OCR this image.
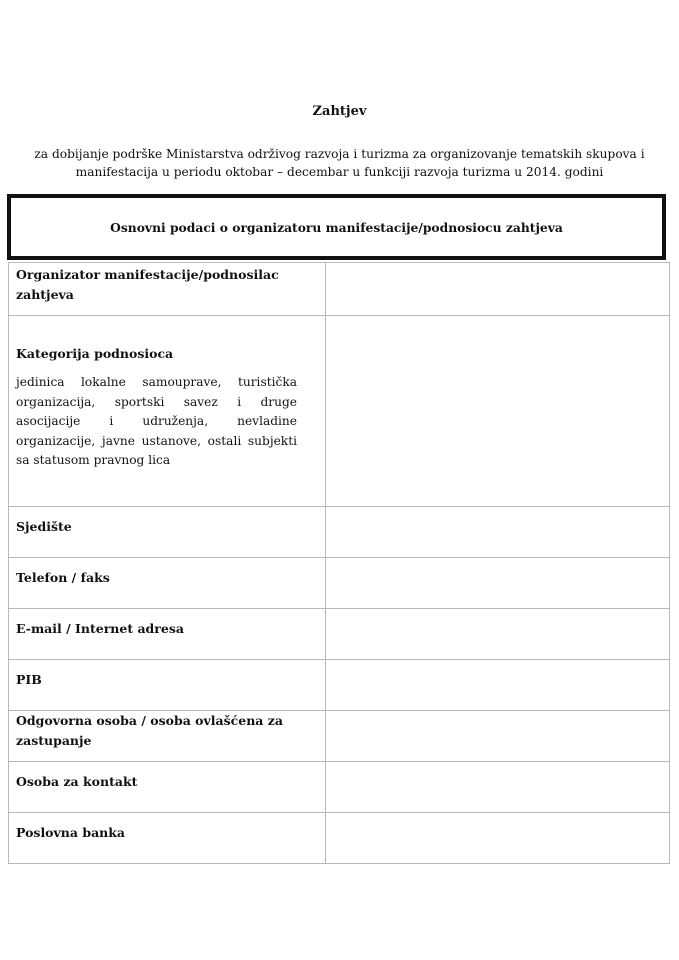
Zahtjev
za dobijanje podrške Ministarstva održivog razvoja i turizma za organizovanje tematskih skupova i
manifestacija u periodu oktobar – decembar u funkciji razvoja turizma u 2014. godini
Osnovni podaci o organizatoru manifestacije/podnosiocu zahtjeva
Organizator manifestacije/podnosilac zahtjeva	

Kategorija podnosioca
jedinica lokalne samouprave, turistička organizacija, sportski savez i druge asocijacije i udruženja, nevladine organizacije, javne ustanove, ostali subjekti sa statusom pravnog lica	

Sjedište	

Telefon / faks	

E-mail / Internet adresa	

PIB	

Odgovorna osoba / osoba ovlašćena za zastupanje	

Osoba za kontakt	

Poslovna banka	
